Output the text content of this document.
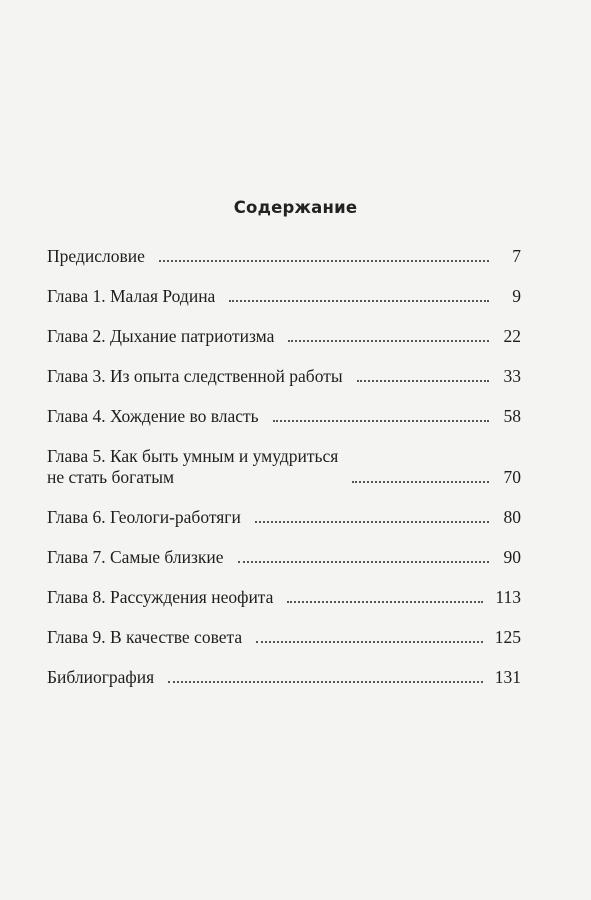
Содержание
Предисловие	7
Глава 1. Малая Родина	9
Глава 2. Дыхание патриотизма	22
Глава 3. Из опыта следственной работы	33
Глава 4. Хождение во власть	58
Глава 5. Как быть умным и умудриться
не стать богатым	70
Глава 6. Геологи-работяги	80
Глава 7. Самые близкие	90
Глава 8. Рассуждения неофита	113
Глава 9. В качестве совета	125
Библиография	131
